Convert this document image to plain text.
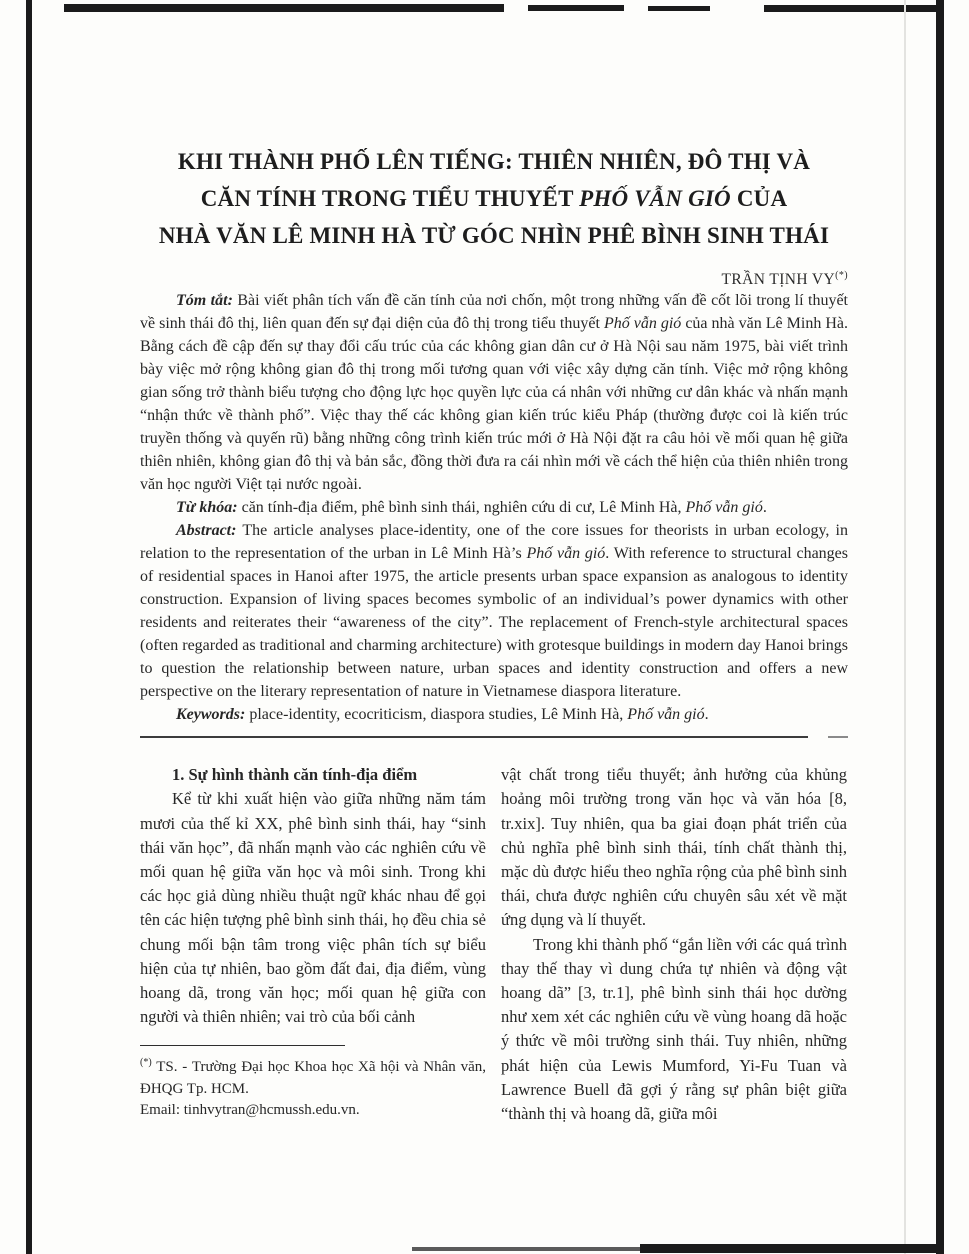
KHI THÀNH PHỐ LÊN TIẾNG: THIÊN NHIÊN, ĐÔ THỊ VÀ
CĂN TÍNH TRONG TIỂU THUYẾT PHỐ VẪN GIÓ CỦA
NHÀ VĂN LÊ MINH HÀ TỪ GÓC NHÌN PHÊ BÌNH SINH THÁI
TRẦN TỊNH VY(*)

Tóm tắt: Bài viết phân tích vấn đề căn tính của nơi chốn, một trong những vấn đề cốt lõi trong lí thuyết về sinh thái đô thị, liên quan đến sự đại diện của đô thị trong tiểu thuyết Phố vẫn gió của nhà văn Lê Minh Hà. Bằng cách đề cập đến sự thay đổi cấu trúc của các không gian dân cư ở Hà Nội sau năm 1975, bài viết trình bày việc mở rộng không gian đô thị trong mối tương quan với việc xây dựng căn tính. Việc mở rộng không gian sống trở thành biểu tượng cho động lực học quyền lực của cá nhân với những cư dân khác và nhấn mạnh “nhận thức về thành phố”. Việc thay thế các không gian kiến trúc kiểu Pháp (thường được coi là kiến trúc truyền thống và quyến rũ) bằng những công trình kiến trúc mới ở Hà Nội đặt ra câu hỏi về mối quan hệ giữa thiên nhiên, không gian đô thị và bản sắc, đồng thời đưa ra cái nhìn mới về cách thể hiện của thiên nhiên trong văn học người Việt tại nước ngoài.

Từ khóa: căn tính-địa điểm, phê bình sinh thái, nghiên cứu di cư, Lê Minh Hà, Phố vẫn gió.

Abstract: The article analyses place-identity, one of the core issues for theorists in urban ecology, in relation to the representation of the urban in Lê Minh Hà’s Phố vẫn gió. With reference to structural changes of residential spaces in Hanoi after 1975, the article presents urban space expansion as analogous to identity construction. Expansion of living spaces becomes symbolic of an individual’s power dynamics with other residents and reiterates their “awareness of the city”. The replacement of French-style architectural spaces (often regarded as traditional and charming architecture) with grotesque buildings in modern day Hanoi brings to question the relationship between nature, urban spaces and identity construction and offers a new perspective on the literary representation of nature in Vietnamese diaspora literature.

Keywords: place-identity, ecocriticism, diaspora studies, Lê Minh Hà, Phố vẫn gió.

1. Sự hình thành căn tính-địa điểm

Kể từ khi xuất hiện vào giữa những năm tám mươi của thế kỉ XX, phê bình sinh thái, hay “sinh thái văn học”, đã nhấn mạnh vào các nghiên cứu về mối quan hệ giữa văn học và môi sinh. Trong khi các học giả dùng nhiều thuật ngữ khác nhau để gọi tên các hiện tượng phê bình sinh thái, họ đều chia sẻ chung mối bận tâm trong việc phân tích sự biểu hiện của tự nhiên, bao gồm đất đai, địa điểm, vùng hoang dã, trong văn học; mối quan hệ giữa con người và thiên nhiên; vai trò của bối cảnh

(*) TS. - Trường Đại học Khoa học Xã hội và Nhân văn, ĐHQG Tp. HCM.
Email: tinhvytran@hcmussh.edu.vn.

vật chất trong tiểu thuyết; ảnh hưởng của khủng hoảng môi trường trong văn học và văn hóa [8, tr.xix]. Tuy nhiên, qua ba giai đoạn phát triển của chủ nghĩa phê bình sinh thái, tính chất thành thị, mặc dù được hiểu theo nghĩa rộng của phê bình sinh thái, chưa được nghiên cứu chuyên sâu xét về mặt ứng dụng và lí thuyết.

Trong khi thành phố “gắn liền với các quá trình thay thế thay vì dung chứa tự nhiên và động vật hoang dã” [3, tr.1], phê bình sinh thái học dường như xem xét các nghiên cứu về vùng hoang dã hoặc ý thức về môi trường sinh thái. Tuy nhiên, những phát hiện của Lewis Mumford, Yi-Fu Tuan và Lawrence Buell đã gợi ý rằng sự phân biệt giữa “thành thị và hoang dã, giữa môi
